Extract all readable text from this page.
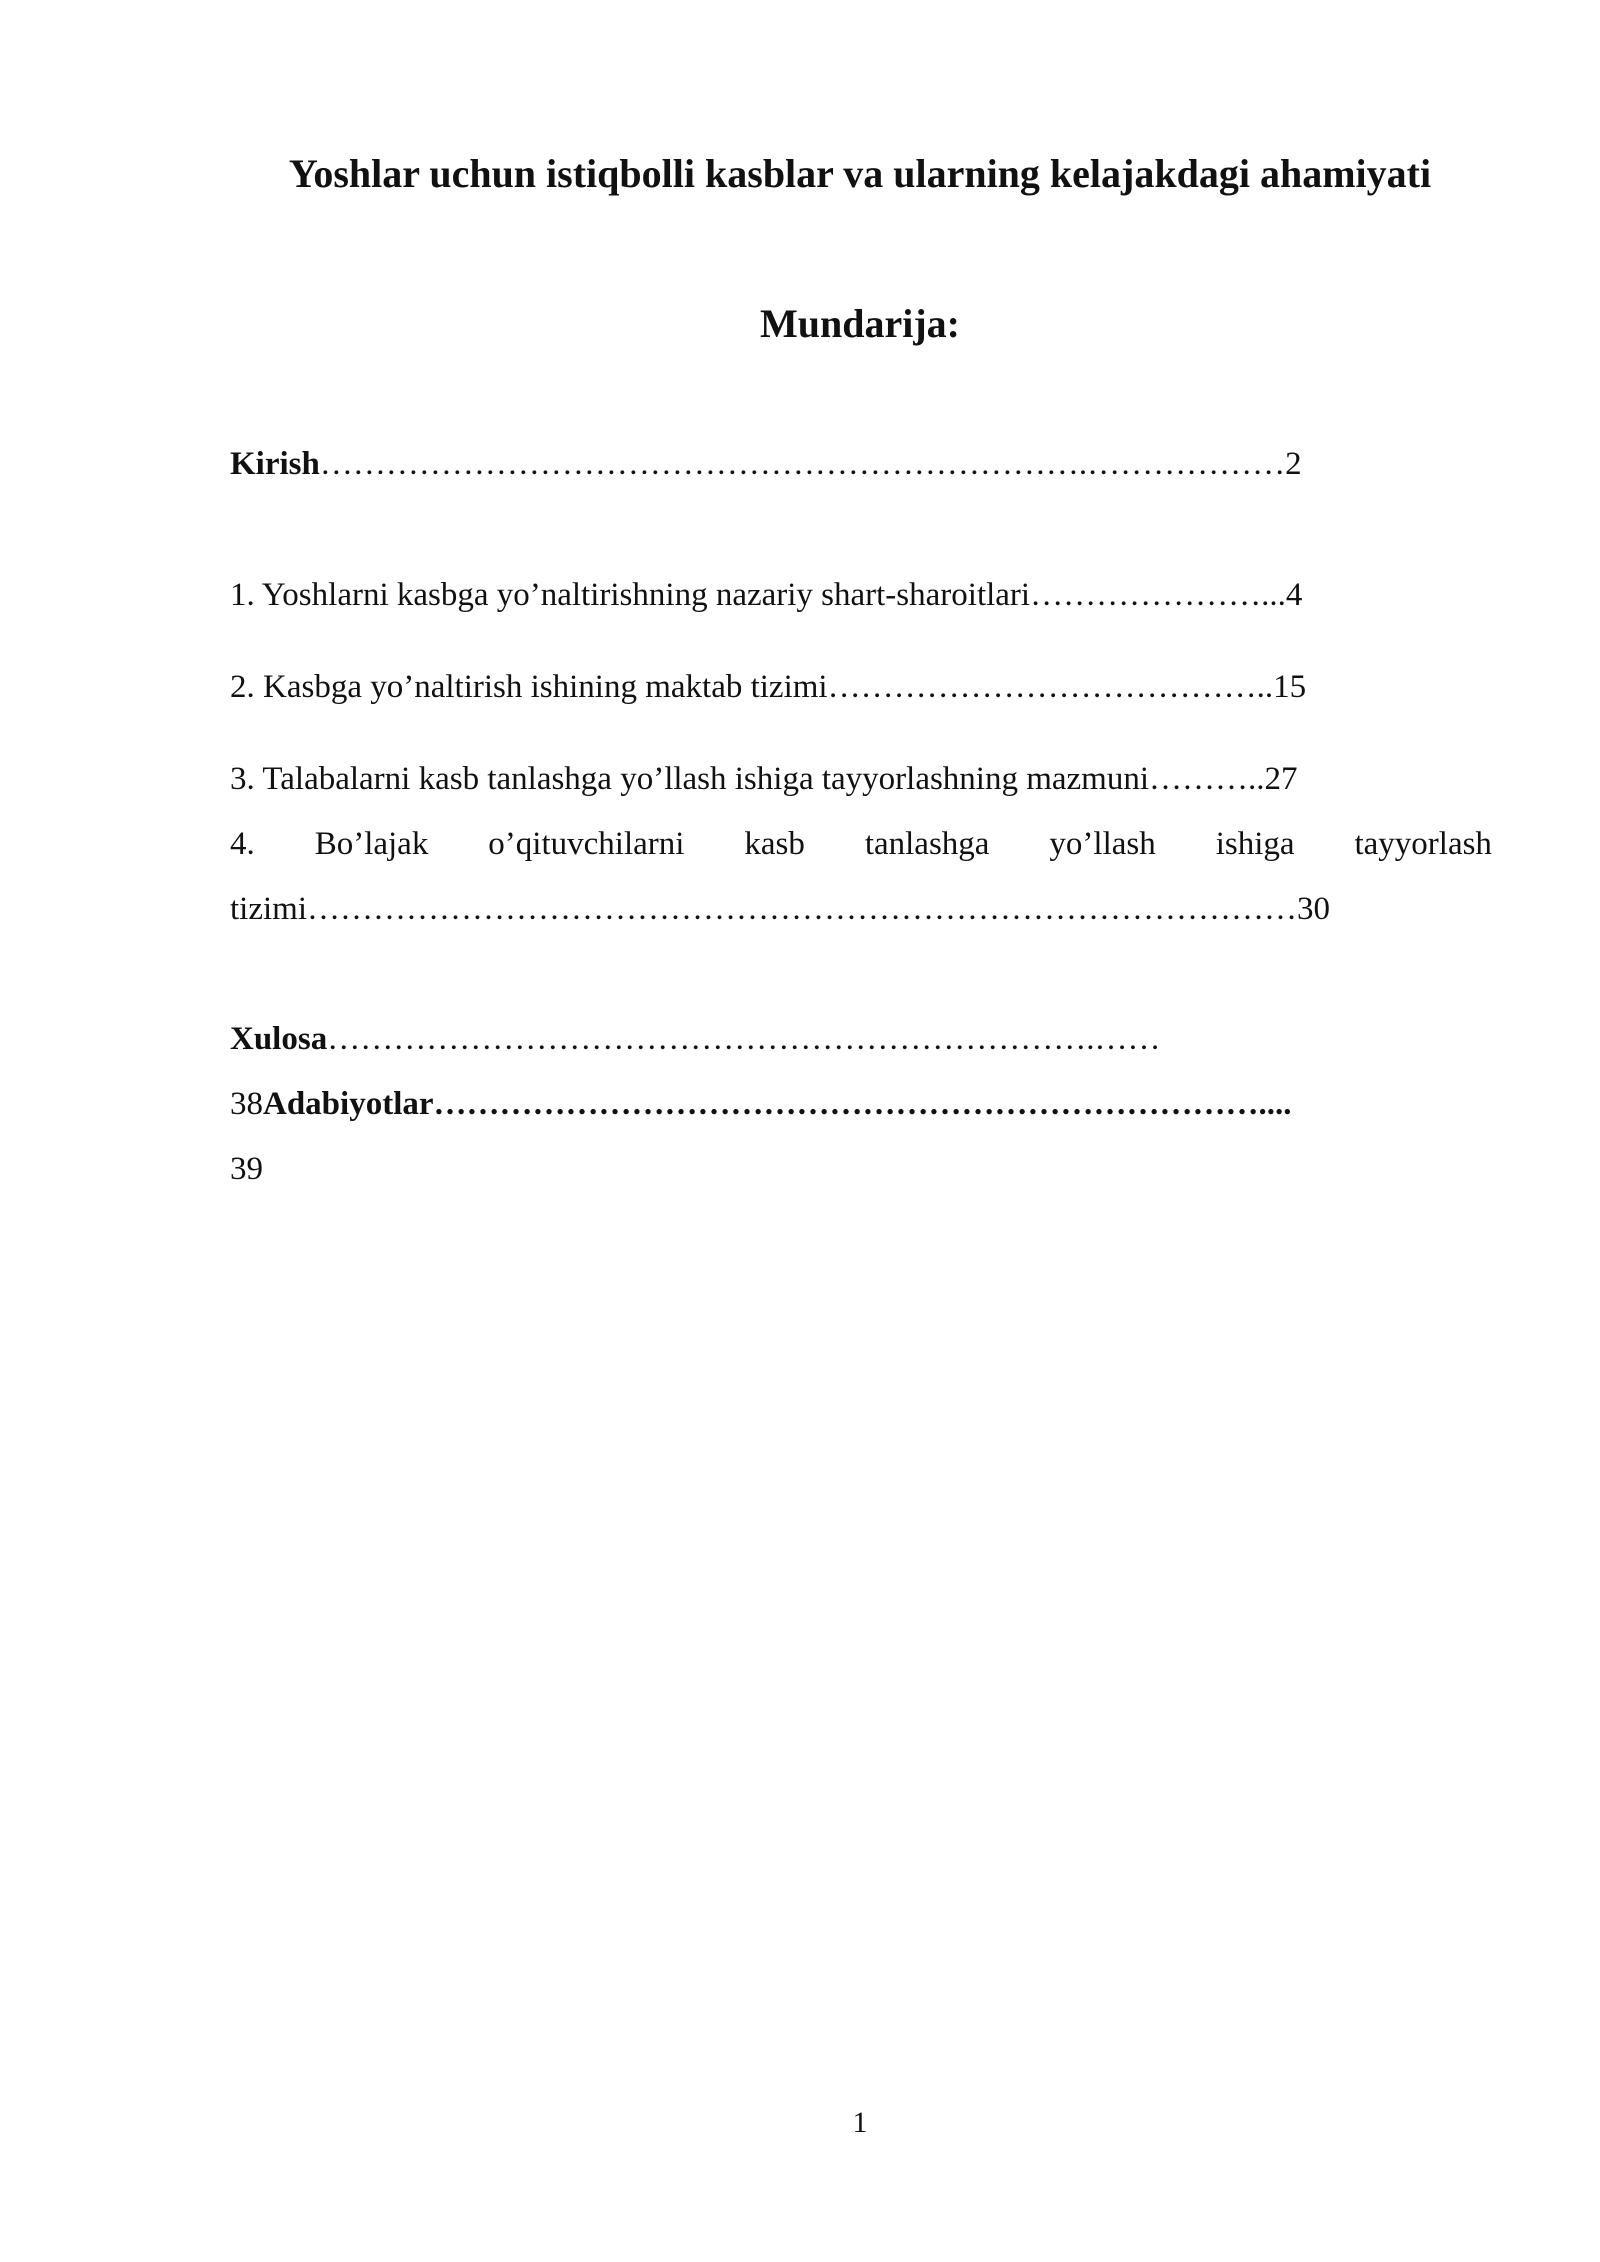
Yoshlar uchun istiqbolli kasblar va ularning kelajakdagi ahamiyati
Mundarija:
Kirish…………………………………………………………….………………2
1. Yoshlarni kasbga yo’naltirishning nazariy shart-sharoitlari…………………...4
2. Kasbga yo’naltirish ishining maktab tizimi…………………………………..15
3. Talabalarni kasb tanlashga yo’llash ishiga tayyorlashning mazmuni………..27
4. Bo’lajak o’qituvchilarni kasb tanlashga yo’llash ishiga tayyorlash
tizimi………………………………………………………………………………30
Xulosa…………………………………………………………….……
38Adabiyotlar…………………………………………………………………....
39
1
